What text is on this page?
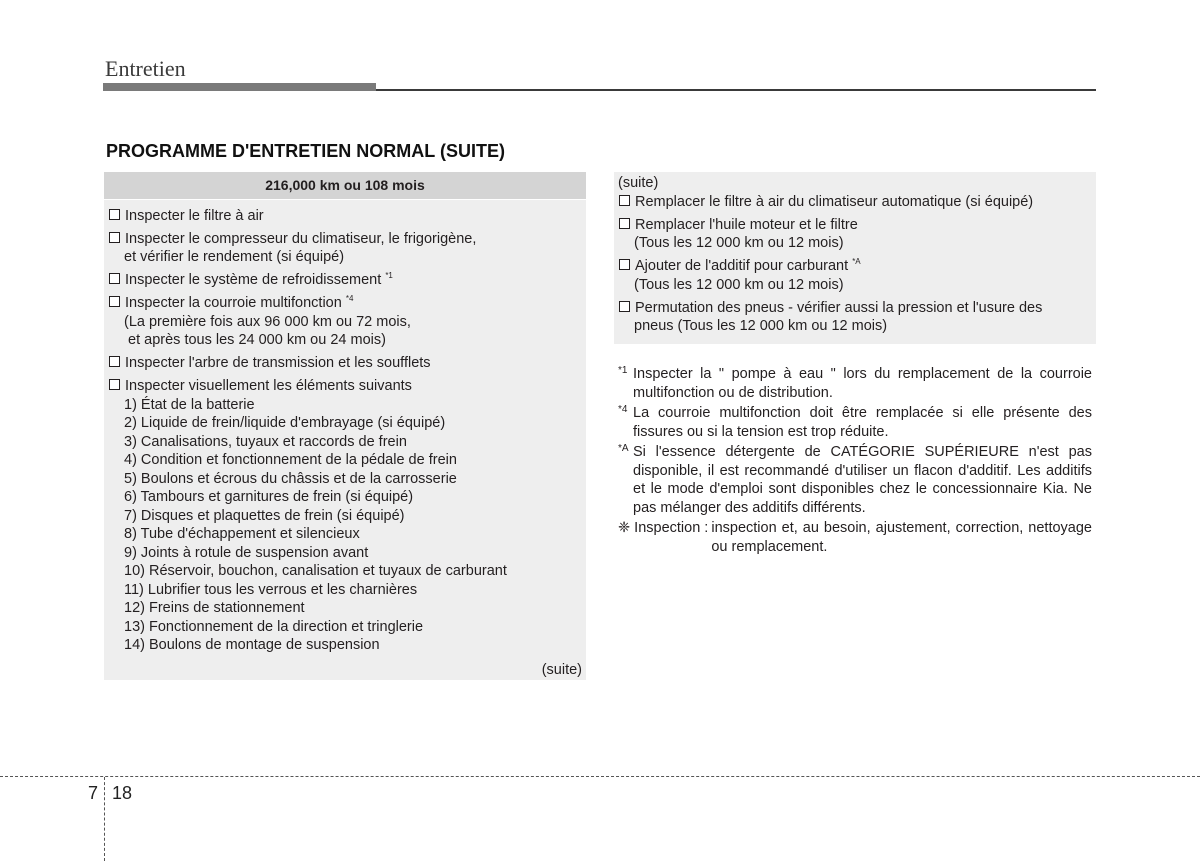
Entretien
PROGRAMME D'ENTRETIEN NORMAL (SUITE)
216,000 km ou 108 mois
Inspecter le filtre à air
Inspecter le compresseur du climatiseur, le frigorigène,
et vérifier le rendement (si équipé)
Inspecter le système de refroidissement $^{*1}$
Inspecter la courroie multifonction $^{*4}$
(La première fois aux 96 000 km ou 72 mois,
et après tous les 24 000 km ou 24 mois)
Inspecter l'arbre de transmission et les soufflets
Inspecter visuellement les éléments suivants
1) État de la batterie
2) Liquide de frein/liquide d'embrayage (si équipé)
3) Canalisations, tuyaux et raccords de frein
4) Condition et fonctionnement de la pédale de frein
5) Boulons et écrous du châssis et de la carrosserie
6) Tambours et garnitures de frein (si équipé)
7) Disques et plaquettes de frein (si équipé)
8) Tube d'échappement et silencieux
9) Joints à rotule de suspension avant
10) Réservoir, bouchon, canalisation et tuyaux de carburant
11) Lubrifier tous les verrous et les charnières
12) Freins de stationnement
13) Fonctionnement de la direction et tringlerie
14) Boulons de montage de suspension
(suite)
(suite)
Remplacer le filtre à air du climatiseur automatique (si équipé)
Remplacer l'huile moteur et le filtre
(Tous les 12 000 km ou 12 mois)
Ajouter de l'additif pour carburant $^{*A}$
(Tous les 12 000 km ou 12 mois)
Permutation des pneus - vérifier aussi la pression et l'usure des
pneus (Tous les 12 000 km ou 12 mois)
*1 Inspecter la " pompe à eau " lors du remplacement de la courroie multifonction ou de distribution.
*4 La courroie multifonction doit être remplacée si elle présente des fissures ou si la tension est trop réduite.
*A Si l'essence détergente de CATÉGORIE SUPÉRIEURE n'est pas disponible, il est recommandé d'utiliser un flacon d'additif. Les additifs et le mode d'emploi sont disponibles chez le concessionnaire Kia. Ne pas mélanger des additifs différents.
❈ Inspection : inspection et, au besoin, ajustement, correction, nettoyage ou remplacement.
7 18
